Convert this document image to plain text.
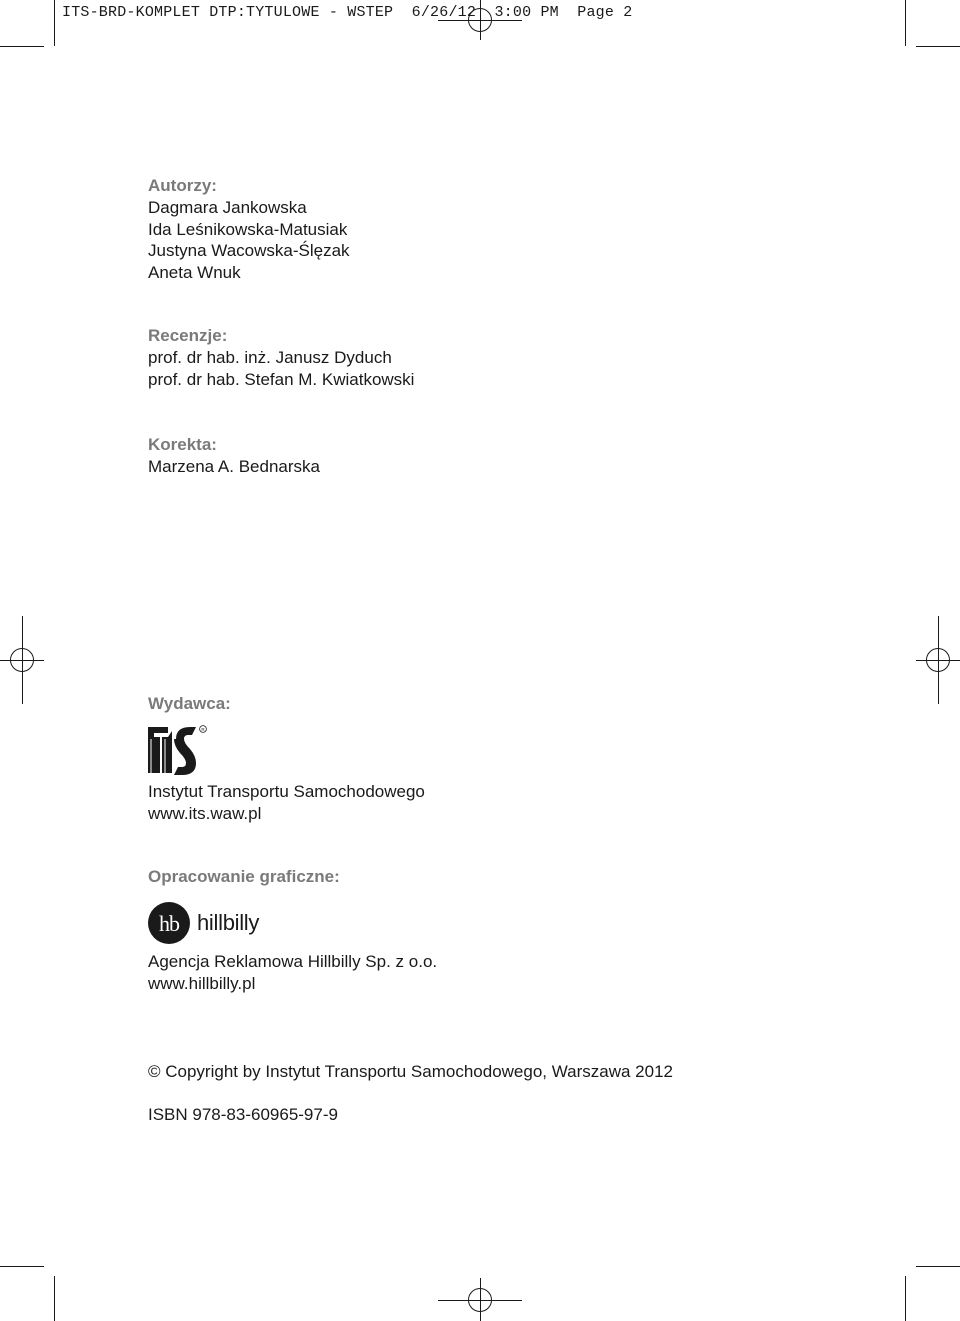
ITS-BRD-KOMPLET DTP:TYTULOWE - WSTEP  6/26/12  3:00 PM  Page 2
Autorzy:
Dagmara Jankowska
Ida Leśnikowska-Matusiak
Justyna Wacowska-Ślęzak
Aneta Wnuk
Recenzje:
prof. dr hab. inż. Janusz Dyduch
prof. dr hab. Stefan M. Kwiatkowski
Korekta:
Marzena A. Bednarska
Wydawca:
R
Instytut Transportu Samochodowego
www.its.waw.pl
Opracowanie graficzne:
hb hillbilly
Agencja Reklamowa Hillbilly Sp. z o.o.
www.hillbilly.pl
© Copyright by Instytut Transportu Samochodowego, Warszawa 2012
ISBN 978-83-60965-97-9
